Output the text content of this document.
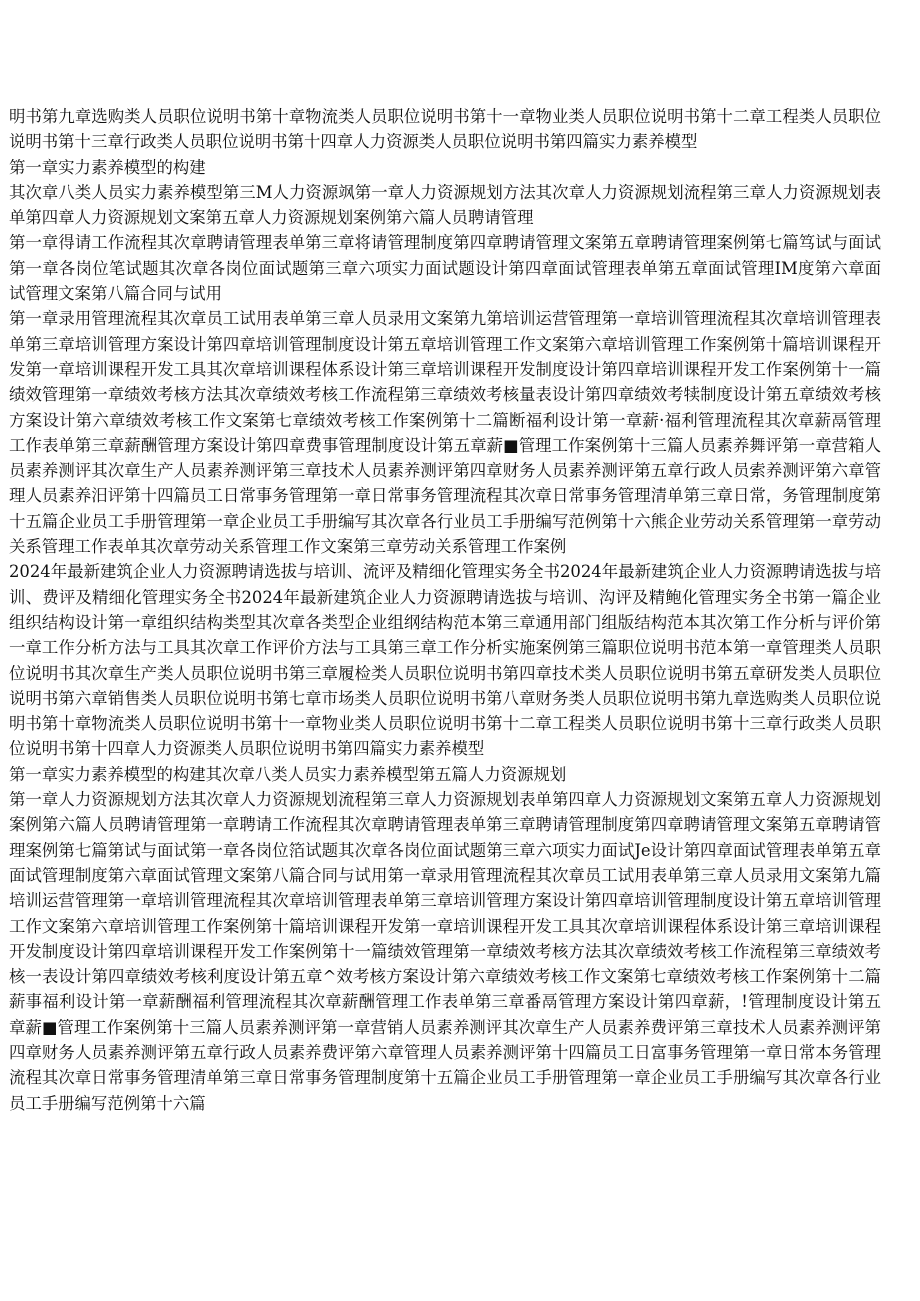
明书第九章选购类人员职位说明书第十章物流类人员职位说明书第十一章物业类人员职位说明书第十二章工程类人员职位说明书第十三章行政类人员职位说明书第十四章人力资源类人员职位说明书第四篇实力素养模型

第一章实力素养模型的构建

其次章八类人员实力素养模型第三M人力资源飒第一章人力资源规划方法其次章人力资源规划流程第三章人力资源规划表单第四章人力资源规划文案第五章人力资源规划案例第六篇人员聘请管理

第一章得请工作流程其次章聘请管理表单第三章将请管理制度第四章聘请管理文案第五章聘请管理案例第七篇笃试与面试第一章各岗位笔试题其次章各岗位面试题第三章六项实力面试题设计第四章面试管理表单第五章面试管理IM度第六章面试管理文案第八篇合同与试用

第一章录用管理流程其次章员工试用表单第三章人员录用文案第九第培训运营管理第一章培训管理流程其次章培训管理表单第三章培训管理方案设计第四章培训管理制度设计第五章培训管理工作文案第六章培训管理工作案例第十篇培训课程开发第一章培训课程开发工具其次章培训课程体系设计第三章培训课程开发制度设计第四章培训课程开发工作案例第十一篇绩效管理第一章绩效考核方法其次章绩效考核工作流程第三章绩效考核量表设计第四章绩效考犊制度设计第五章绩效考核方案设计第六章绩效考核工作文案第七章绩效考核工作案例第十二篇断福利设计第一章薪·福利管理流程其次章薪鬲管理工作表单第三章薪酬管理方案设计第四章费事管理制度设计第五章薪■管理工作案例第十三篇人员素养舞评第一章营箱人员素养测评其次章生产人员素养测评第三章技术人员素养测评第四章财务人员素养测评第五章行政人员索养测评第六章管理人员素养汨评第十四篇员工日常事务管理第一章日常事务管理流程其次章日常事务管理清单第三章日常，务管理制度第十五篇企业员工手册管理第一章企业员工手册编写其次章各行业员工手册编写范例第十六熊企业劳动关系管理第一章劳动关系管理工作表单其次章劳动关系管理工作文案第三章劳动关系管理工作案例

2024年最新建筑企业人力资源聘请选拔与培训、流评及精细化管理实务全书2024年最新建筑企业人力资源聘请选拔与培训、费评及精细化管理实务全书2024年最新建筑企业人力资源聘请选拔与培训、沟评及精鲍化管理实务全书第一篇企业组织结构设计第一章组织结构类型其次章各类型企业组纲结构范本第三章通用部门组版结构范本其次第工作分析与评价第一章工作分析方法与工具其次章工作评价方法与工具第三章工作分析实施案例第三篇职位说明书范本第一章管理类人员职位说明书其次章生产类人员职位说明书第三章履检类人员职位说明书第四章技术类人员职位说明书第五章研发类人员职位说明书第六章销售类人员职位说明书第七章市场类人员职位说明书第八章财务类人员职位说明书第九章选购类人员职位说明书第十章物流类人员职位说明书第十一章物业类人员职位说明书第十二章工程类人员职位说明书第十三章行政类人员职位说明书第十四章人力资源类人员职位说明书第四篇实力素养模型

第一章实力素养模型的构建其次章八类人员实力素养模型第五篇人力资源规划

第一章人力资源规划方法其次章人力资源规划流程第三章人力资源规划表单第四章人力资源规划文案第五章人力资源规划案例第六篇人员聘请管理第一章聘请工作流程其次章聘请管理表单第三章聘请管理制度第四章聘请管理文案第五章聘请管理案例第七篇第试与面试第一章各岗位箔试题其次章各岗位面试题第三章六项实力面试Je设计第四章面试管理表单第五章面试管理制度第六章面试管理文案第八篇合同与试用第一章录用管理流程其次章员工试用表单第三章人员录用文案第九篇培训运营管理第一章培训管理流程其次章培训管理表单第三章培训管理方案设计第四章培训管理制度设计第五章培训管理工作文案第六章培训管理工作案例第十篇培训课程开发第一章培训课程开发工具其次章培训课程体系设计第三章培训课程开发制度设计第四章培训课程开发工作案例第十一篇绩效管理第一章绩效考核方法其次章绩效考核工作流程第三章绩效考核一表设计第四章绩效考核利度设计第五章^效考核方案设计第六章绩效考核工作文案第七章绩效考核工作案例第十二篇薪事福利设计第一章薪酬福利管理流程其次章薪酬管理工作表单第三章番鬲管理方案设计第四章薪，!管理制度设计第五章薪■管理工作案例第十三篇人员素养测评第一章营销人员素养测评其次章生产人员素养费评第三章技术人员素养测评第四章财务人员素养测评第五章行政人员素养费评第六章管理人员素养测评第十四篇员工日富事务管理第一章日常本务管理流程其次章日常事务管理清单第三章日常事务管理制度第十五篇企业员工手册管理第一章企业员工手册编写其次章各行业员工手册编写范例第十六篇
